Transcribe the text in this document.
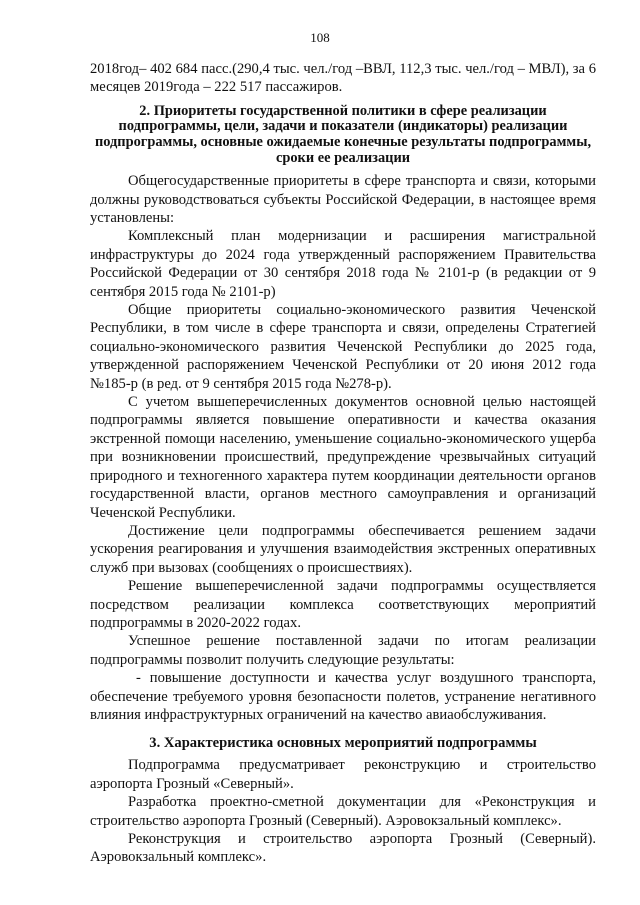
108

2018год– 402 684 пасс.(290,4 тыс. чел./год –ВВЛ, 112,3 тыс. чел./год – МВЛ), за 6 месяцев 2019года – 222 517 пассажиров.

2. Приоритеты государственной политики в сфере реализации подпрограммы, цели, задачи и показатели (индикаторы) реализации подпрограммы, основные ожидаемые конечные результаты подпрограммы, сроки ее реализации

Общегосударственные приоритеты в сфере транспорта и связи, которыми должны руководствоваться субъекты Российской Федерации, в настоящее время установлены:

Комплексный план модернизации и расширения магистральной инфраструктуры до 2024 года утвержденный распоряжением Правительства Российской Федерации от 30 сентября 2018 года № 2101-р (в редакции от 9 сентября 2015 года № 2101-р)

Общие приоритеты социально-экономического развития Чеченской Республики, в том числе в сфере транспорта и связи, определены Стратегией социально-экономического развития Чеченской Республики до 2025 года, утвержденной распоряжением Чеченской Республики от 20 июня 2012 года №185-р (в ред. от 9 сентября 2015 года №278-р).

С учетом вышеперечисленных документов основной целью настоящей подпрограммы является повышение оперативности и качества оказания экстренной помощи населению, уменьшение социально-экономического ущерба при возникновении происшествий, предупреждение чрезвычайных ситуаций природного и техногенного характера путем координации деятельности органов государственной власти, органов местного самоуправления и организаций Чеченской Республики.

Достижение цели подпрограммы обеспечивается решением задачи ускорения реагирования и улучшения взаимодействия экстренных оперативных служб при вызовах (сообщениях о происшествиях).

Решение вышеперечисленной задачи подпрограммы осуществляется посредством реализации комплекса соответствующих мероприятий подпрограммы в 2020-2022 годах.

Успешное решение поставленной задачи по итогам реализации подпрограммы позволит получить следующие результаты:

- повышение доступности и качества услуг воздушного транспорта, обеспечение требуемого уровня безопасности полетов, устранение негативного влияния инфраструктурных ограничений на качество авиаобслуживания.

3. Характеристика основных мероприятий подпрограммы

Подпрограмма предусматривает реконструкцию и строительство аэропорта Грозный «Северный».

Разработка проектно-сметной документации для «Реконструкция и строительство аэропорта Грозный (Северный). Аэровокзальный комплекс».

Реконструкция и строительство аэропорта Грозный (Северный). Аэровокзальный комплекс».
